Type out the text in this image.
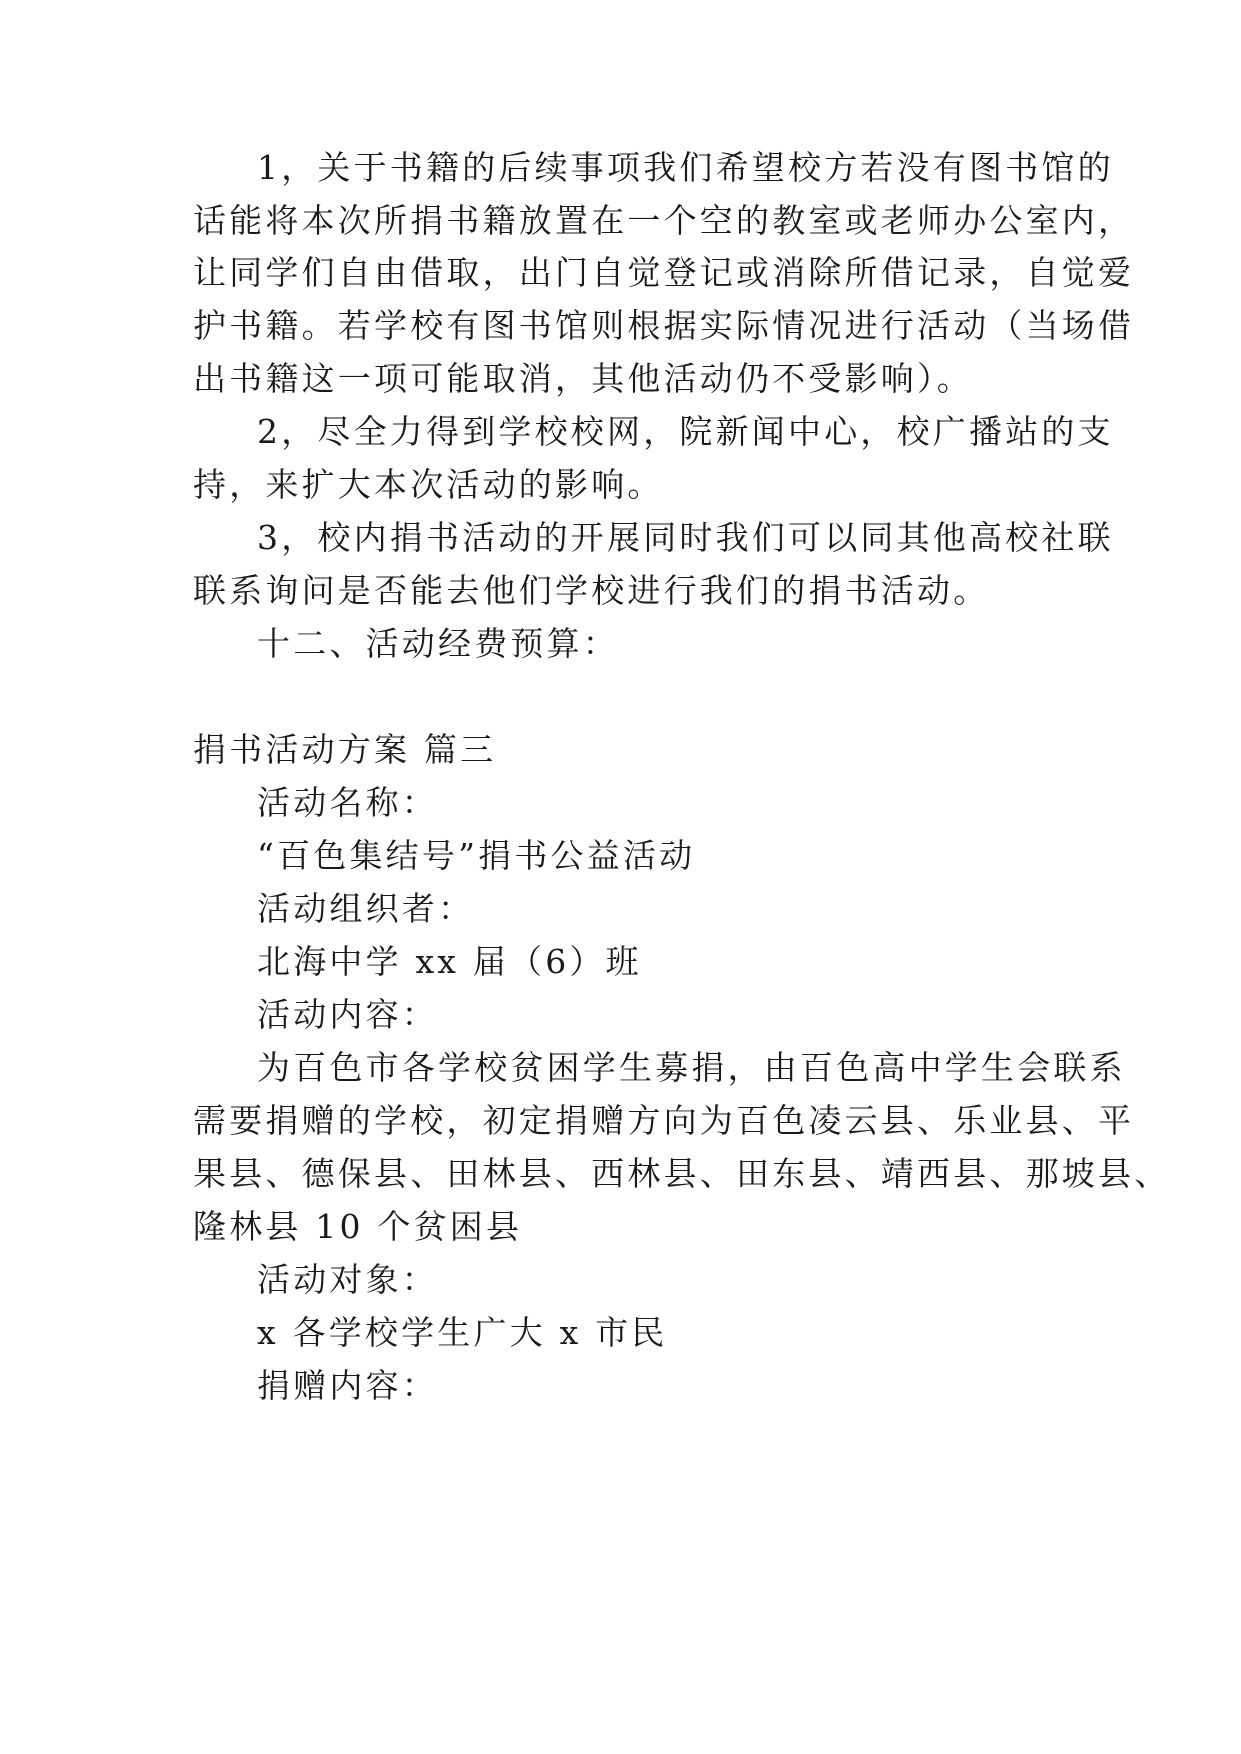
1，关于书籍的后续事项我们希望校方若没有图书馆的

话能将本次所捐书籍放置在一个空的教室或老师办公室内，

让同学们自由借取，出门自觉登记或消除所借记录，自觉爱

护书籍。若学校有图书馆则根据实际情况进行活动（当场借

出书籍这一项可能取消，其他活动仍不受影响）。

2，尽全力得到学校校网，院新闻中心，校广播站的支

持，来扩大本次活动的影响。

3，校内捐书活动的开展同时我们可以同其他高校社联

联系询问是否能去他们学校进行我们的捐书活动。

十二、活动经费预算：

捐书活动方案 篇三

活动名称：

“百色集结号”捐书公益活动

活动组织者：

北海中学 xx 届（6）班

活动内容：

为百色市各学校贫困学生募捐，由百色高中学生会联系

需要捐赠的学校，初定捐赠方向为百色凌云县、乐业县、平

果县、德保县、田林县、西林县、田东县、靖西县、那坡县、

隆林县 10 个贫困县

活动对象：

x 各学校学生广大 x 市民

捐赠内容：
